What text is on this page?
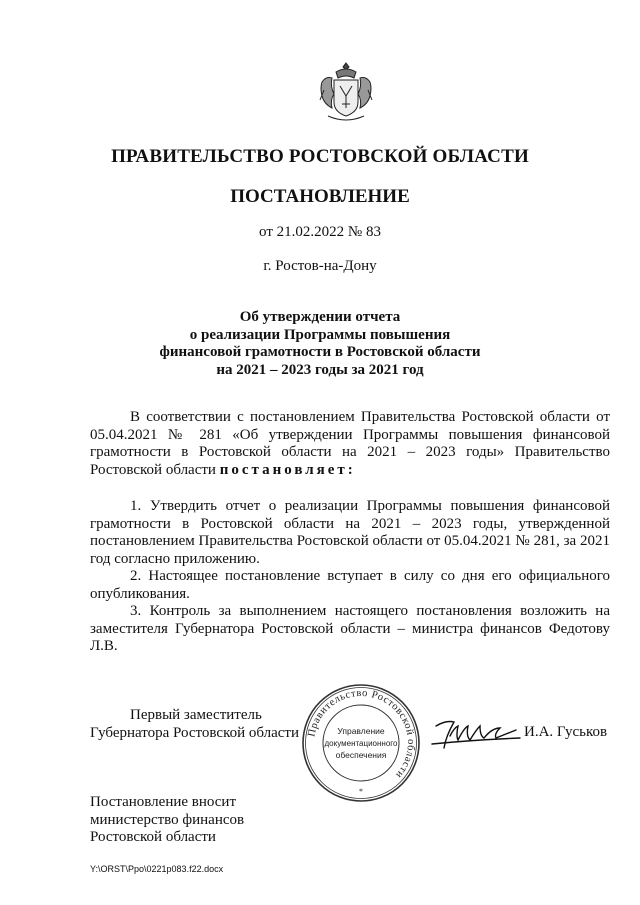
ПРАВИТЕЛЬСТВО РОСТОВСКОЙ ОБЛАСТИ
ПОСТАНОВЛЕНИЕ
от 21.02.2022 № 83
г. Ростов-на-Дону
Об утверждении отчета
о реализации Программы повышения
финансовой грамотности в Ростовской области
на 2021 – 2023 годы за 2021 год
В соответствии с постановлением Правительства Ростовской области от 05.04.2021 № 281 «Об утверждении Программы повышения финансовой грамотности в Ростовской области на 2021 – 2023 годы» Правительство Ростовской области постановляет:
1. Утвердить отчет о реализации Программы повышения финансовой грамотности в Ростовской области на 2021 – 2023 годы, утвержденной постановлением Правительства Ростовской области от 05.04.2021 № 281, за 2021 год согласно приложению.
2. Настоящее постановление вступает в силу со дня его официального опубликования.
3. Контроль за выполнением настоящего постановления возложить на заместителя Губернатора Ростовской области – министра финансов Федотову Л.В.
Первый заместитель
Губернатора Ростовской области Правительство Ростовской области
*
Управление
документационного
обеспечения
И.А. Гуськов
Постановление вносит
министерство финансов
Ростовской области
Y:\ORST\Ppo\0221p083.f22.docx
